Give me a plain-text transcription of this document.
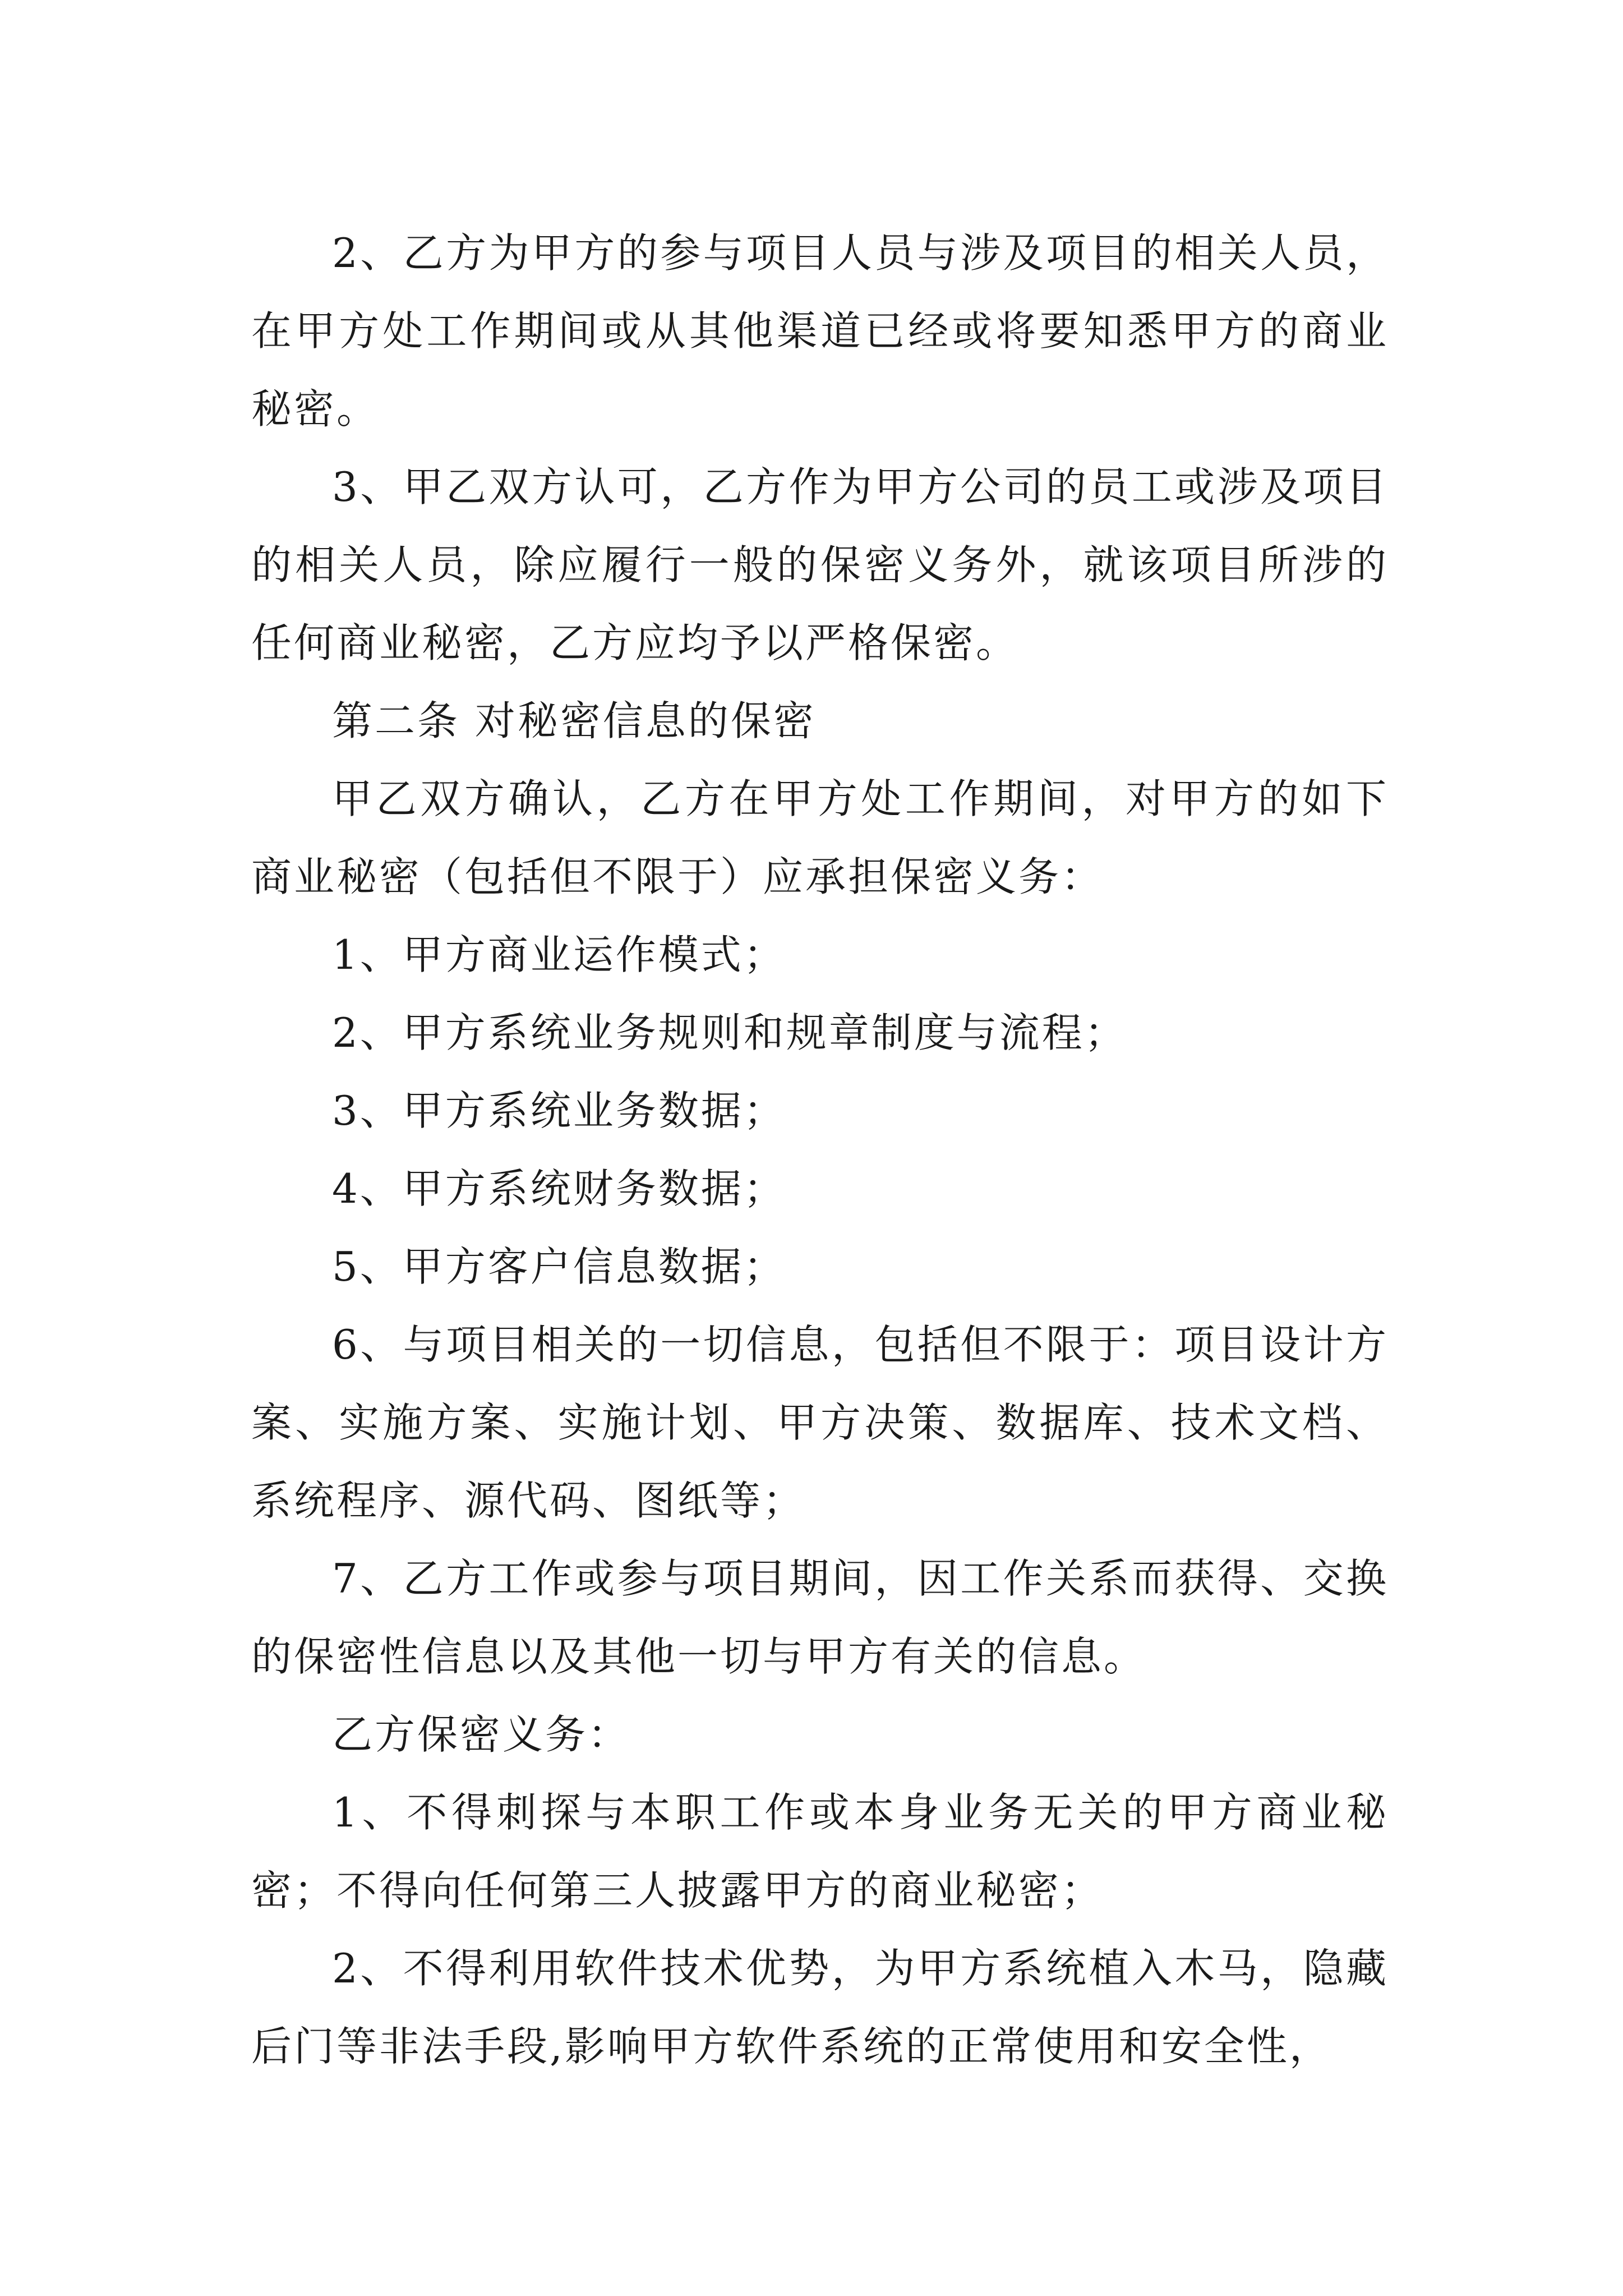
2、乙方为甲方的参与项目人员与涉及项目的相关人员，在甲方处工作期间或从其他渠道已经或将要知悉甲方的商业秘密。

3、甲乙双方认可，乙方作为甲方公司的员工或涉及项目的相关人员，除应履行一般的保密义务外，就该项目所涉的任何商业秘密，乙方应均予以严格保密。

第二条 对秘密信息的保密

甲乙双方确认，乙方在甲方处工作期间，对甲方的如下商业秘密（包括但不限于）应承担保密义务：

1、甲方商业运作模式；

2、甲方系统业务规则和规章制度与流程；

3、甲方系统业务数据；

4、甲方系统财务数据；

5、甲方客户信息数据；

6、与项目相关的一切信息，包括但不限于：项目设计方案、实施方案、实施计划、甲方决策、数据库、技术文档、系统程序、源代码、图纸等；

7、乙方工作或参与项目期间，因工作关系而获得、交换的保密性信息以及其他一切与甲方有关的信息。

乙方保密义务：

1、不得刺探与本职工作或本身业务无关的甲方商业秘密；不得向任何第三人披露甲方的商业秘密；

2、不得利用软件技术优势，为甲方系统植入木马，隐藏后门等非法手段,影响甲方软件系统的正常使用和安全性，
